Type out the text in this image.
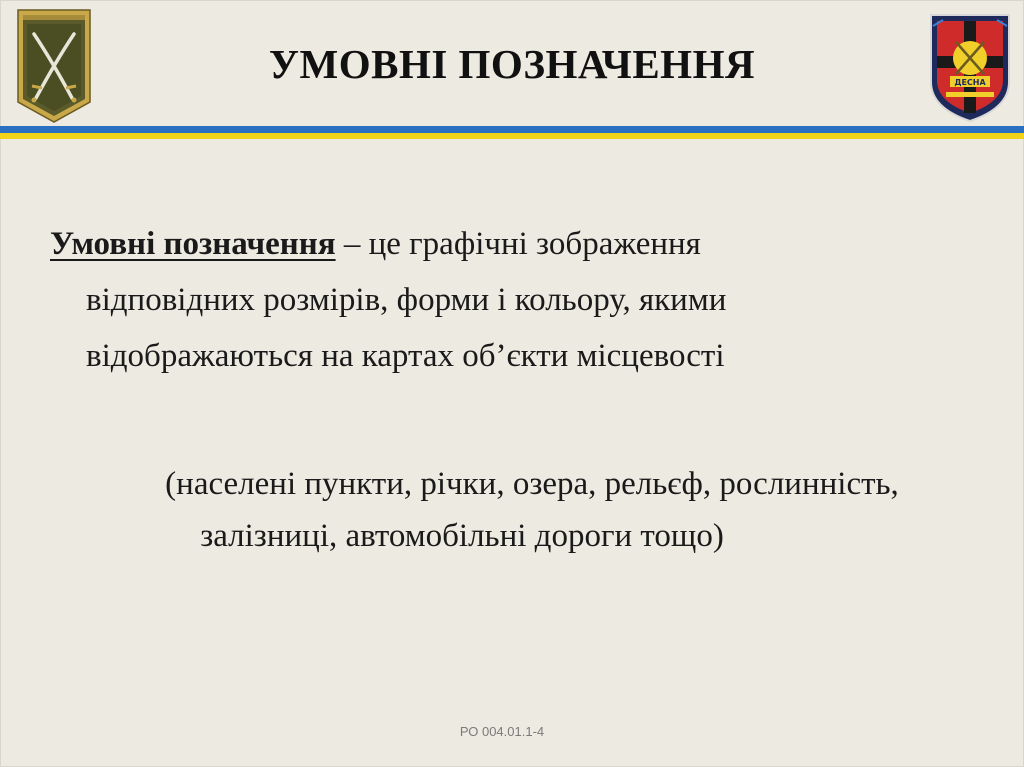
УМОВНІ ПОЗНАЧЕННЯ	ДЕСНА
Умовні позначення – це графічні зображення
відповідних розмірів, форми і кольору, якими
відображаються на картах об’єкти місцевості
(населені пункти, річки, озера, рельєф, рослинність,
залізниці, автомобільні дороги тощо)
РО 004.01.1-4
